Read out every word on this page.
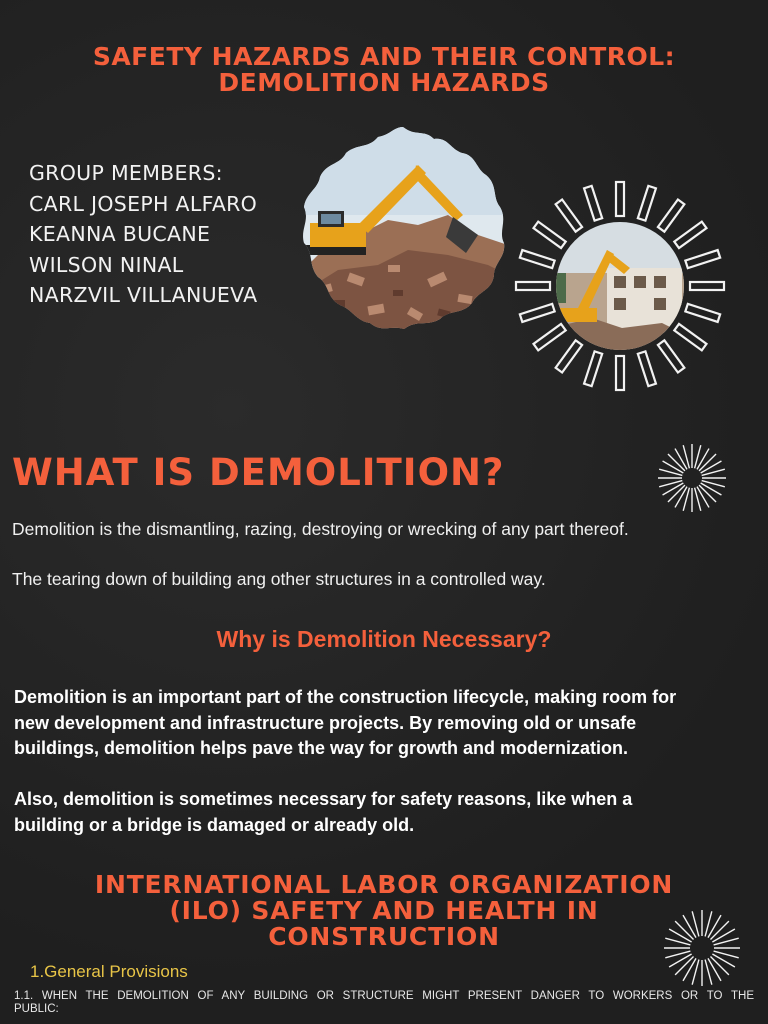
SAFETY HAZARDS AND THEIR CONTROL:
DEMOLITION HAZARDS
GROUP MEMBERS:
CARL JOSEPH ALFARO
KEANNA BUCANE
WILSON NINAL
NARZVIL VILLANUEVA
WHAT IS DEMOLITION?
Demolition is the dismantling, razing, destroying or wrecking of any part thereof.
The tearing down of building ang other structures in a controlled way.
Why is Demolition Necessary?
Demolition is an important part of the construction lifecycle, making room for
new development and infrastructure projects. By removing old or unsafe
buildings, demolition helps pave the way for growth and modernization.
Also, demolition is sometimes necessary for safety reasons, like when a
building or a bridge is damaged or already old.
INTERNATIONAL LABOR ORGANIZATION
(ILO) SAFETY AND HEALTH IN
CONSTRUCTION
1.General Provisions
1.1. WHEN THE DEMOLITION OF ANY BUILDING OR STRUCTURE MIGHT PRESENT DANGER TO WORKERS OR TO THE
PUBLIC:
